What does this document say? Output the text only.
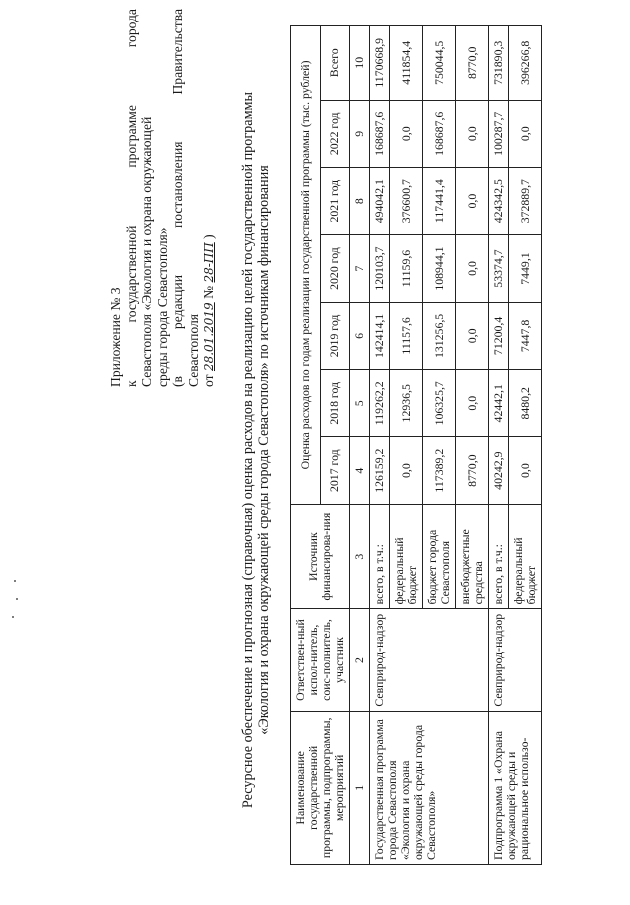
Приложение № 3 к
государственной
программе
города
Севастополя «Экология и охрана окружающей среды города Севастополя» (в
редакции
постановления
Правительства
Севастополя от 28.01.2019 № 28-ПП ) Ресурсное обеспечение и прогнозная (справочная) оценка расходов на реализацию целей государственной программы «Экология и охрана окружающей среды города Севастополя» по источникам финансирования
Наименование государственной программы, подпрограммы, мероприятий	Ответствен-ный испол-нитель, соис-полнитель, участник	Источник финансирова-ния	Оценка расходов по годам реализации государственной программы (тыс. рублей)						
			2017 год	2018 год	2019 год	2020 год	2021 год	2022 год	Всего
1	2	3	4	5	6	7	8	9	10
Государственная программа города Севастополя «Экология и охрана окружающей среды города Севастополя»	Севприрод-надзор	всего, в т.ч.:	126159,2	119262,2	142414,1	120103,7	494042,1	168687,6	1170668,9
		федеральный бюджет	0,0	12936,5	11157,6	11159,6	376600,7	0,0	411854,4
		бюджет города Севастополя	117389,2	106325,7	131256,5	108944,1	117441,4	168687,6	750044,5
		внебюджетные средства	8770,0	0,0	0,0	0,0	0,0	0,0	8770,0
Подпрограмма 1 «Охрана окружающей среды и рациональное использо-	Севприрод-надзор	всего, в т.ч.:	40242,9	42442,1	71200,4	53374,7	424342,5	100287,7	731890,3
		федеральный бюджет	0,0	8480,2	7447,8	7449,1	372889,7	0,0	396266,8
